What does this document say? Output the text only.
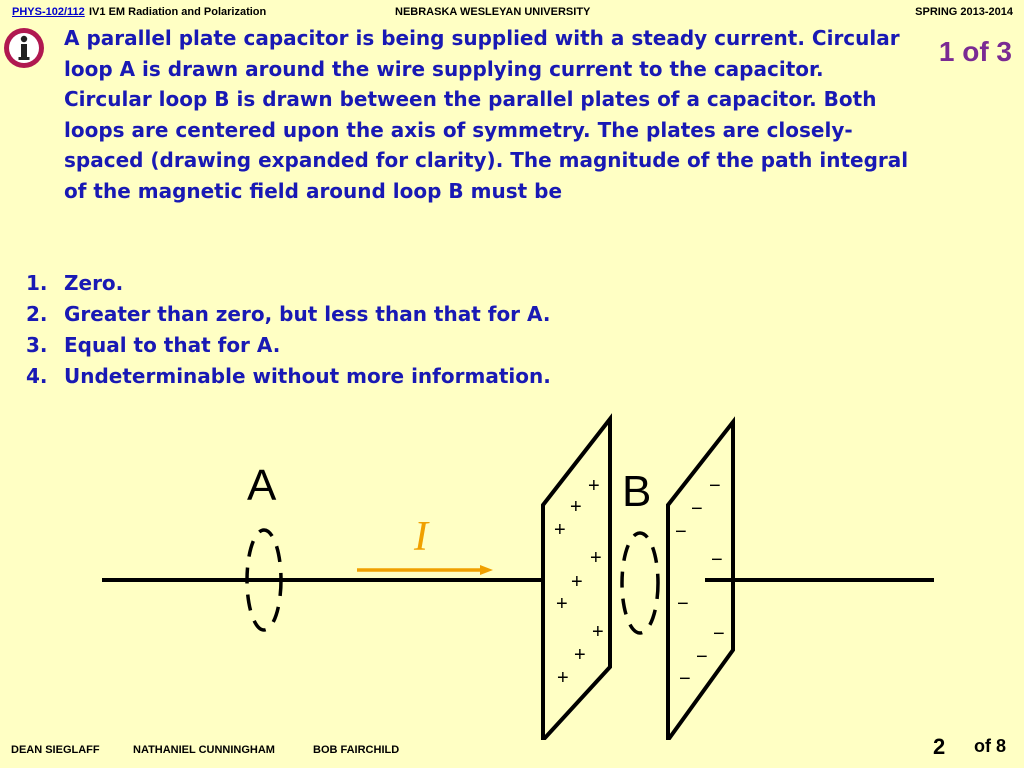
PHYS-102/112 IV1 EM Radiation and Polarization	NEBRASKA WESLEYAN UNIVERSITY	SPRING 2013-2014
1 of 3
A parallel plate capacitor is being supplied with a steady current. Circular loop A is drawn around the wire supplying current to the capacitor. Circular loop B is drawn between the parallel plates of a capacitor. Both loops are centered upon the axis of symmetry. The plates are closely-spaced (drawing expanded for clarity). The magnitude of the path integral of the magnetic field around loop B must be
1. Zero.
2. Greater than zero, but less than that for A.
3. Equal to that for A.
4. Undeterminable without more information.
A
I
B
+
+
+
+
+
+
+
+
+
−
−
−
−
−
−
−
−
DEAN SIEGLAFF	NATHANIEL CUNNINGHAM	BOB FAIRCHILD	2 of 8
